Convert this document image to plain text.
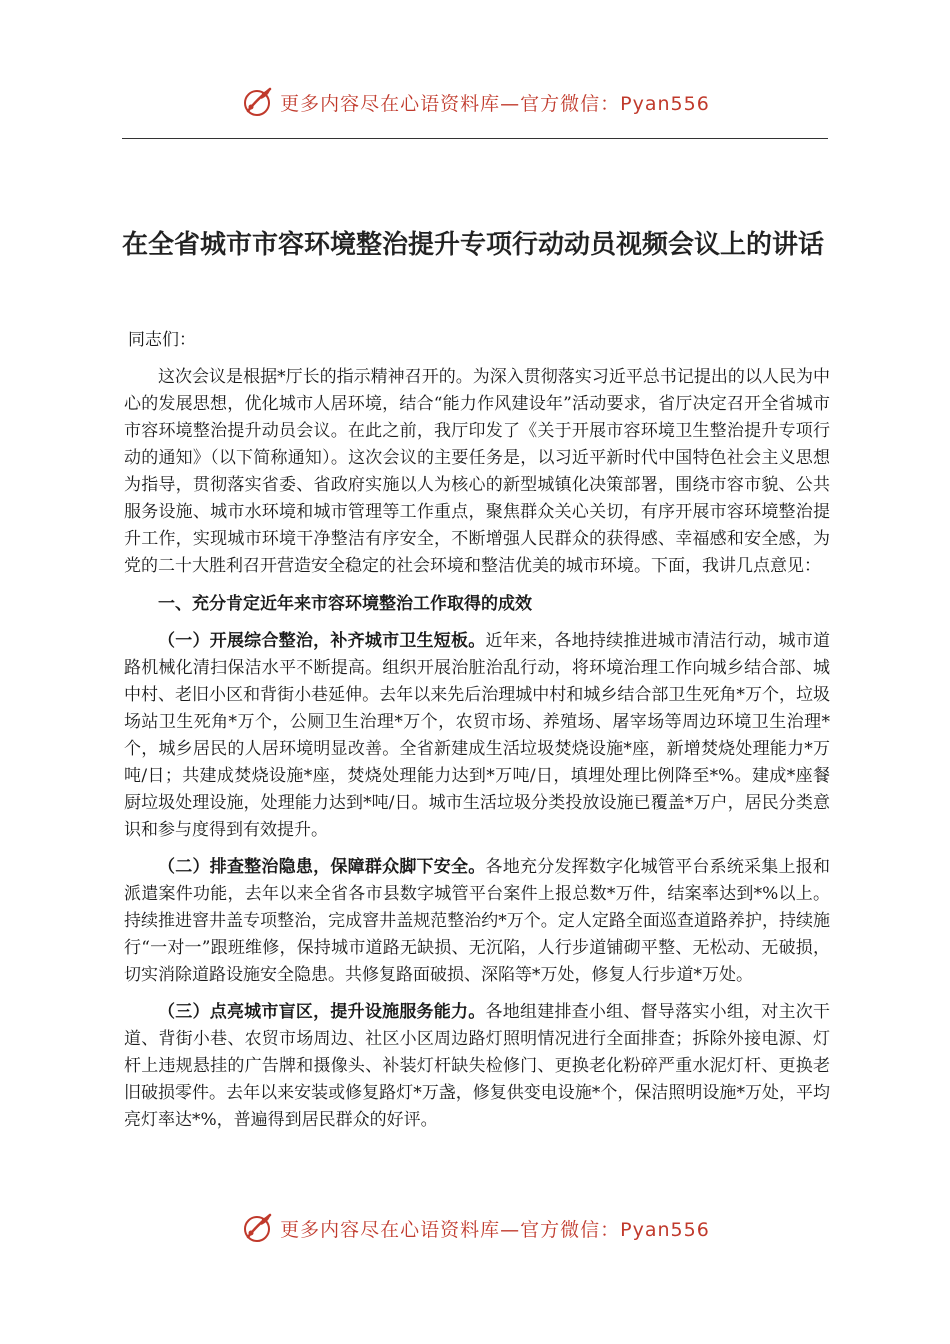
更多内容尽在心语资料库—官方微信：Pyan556
在全省城市市容环境整治提升专项行动动员视频会议上的讲话

同志们：

这次会议是根据*厅长的指示精神召开的。为深入贯彻落实习近平总书记提出的以人民为中心的发展思想，优化城市人居环境，结合“能力作风建设年”活动要求，省厅决定召开全省城市市容环境整治提升动员会议。在此之前，我厅印发了《关于开展市容环境卫生整治提升专项行动的通知》（以下简称通知）。这次会议的主要任务是，以习近平新时代中国特色社会主义思想为指导，贯彻落实省委、省政府实施以人为核心的新型城镇化决策部署，围绕市容市貌、公共服务设施、城市水环境和城市管理等工作重点，聚焦群众关心关切，有序开展市容环境整治提升工作，实现城市环境干净整洁有序安全，不断增强人民群众的获得感、幸福感和安全感，为党的二十大胜利召开营造安全稳定的社会环境和整洁优美的城市环境。下面，我讲几点意见：

一、充分肯定近年来市容环境整治工作取得的成效

（一）开展综合整治，补齐城市卫生短板。近年来，各地持续推进城市清洁行动，城市道路机械化清扫保洁水平不断提高。组织开展治脏治乱行动，将环境治理工作向城乡结合部、城中村、老旧小区和背街小巷延伸。去年以来先后治理城中村和城乡结合部卫生死角*万个，垃圾场站卫生死角*万个，公厕卫生治理*万个，农贸市场、养殖场、屠宰场等周边环境卫生治理*个，城乡居民的人居环境明显改善。全省新建成生活垃圾焚烧设施*座，新增焚烧处理能力*万吨/日；共建成焚烧设施*座，焚烧处理能力达到*万吨/日，填埋处理比例降至*%。建成*座餐厨垃圾处理设施，处理能力达到*吨/日。城市生活垃圾分类投放设施已覆盖*万户，居民分类意识和参与度得到有效提升。

（二）排查整治隐患，保障群众脚下安全。各地充分发挥数字化城管平台系统采集上报和派遣案件功能，去年以来全省各市县数字城管平台案件上报总数*万件，结案率达到*%以上。持续推进窨井盖专项整治，完成窨井盖规范整治约*万个。定人定路全面巡查道路养护，持续施行“一对一”跟班维修，保持城市道路无缺损、无沉陷，人行步道铺砌平整、无松动、无破损，切实消除道路设施安全隐患。共修复路面破损、深陷等*万处，修复人行步道*万处。

（三）点亮城市盲区，提升设施服务能力。各地组建排查小组、督导落实小组，对主次干道、背街小巷、农贸市场周边、社区小区周边路灯照明情况进行全面排查；拆除外接电源、灯杆上违规悬挂的广告牌和摄像头、补装灯杆缺失检修门、更换老化粉碎严重水泥灯杆、更换老旧破损零件。去年以来安装或修复路灯*万盏，修复供变电设施*个，保洁照明设施*万处，平均亮灯率达*%，普遍得到居民群众的好评。

更多内容尽在心语资料库—官方微信：Pyan556
